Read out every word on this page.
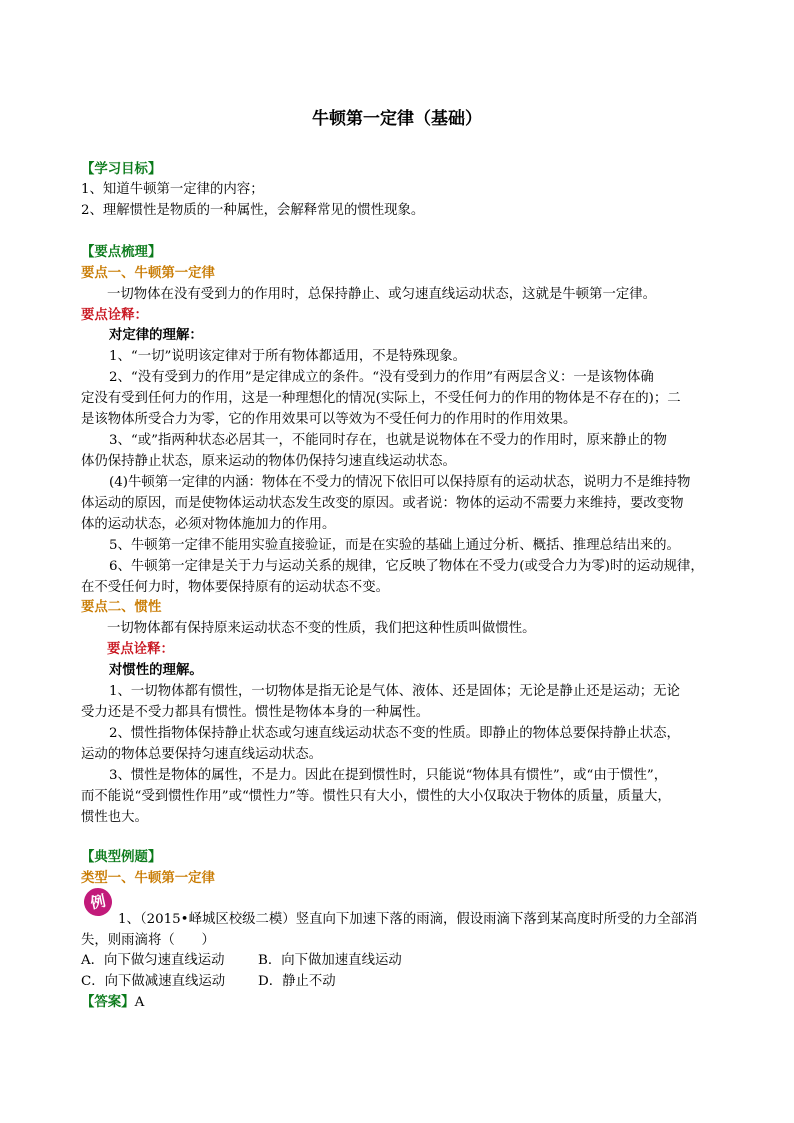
牛顿第一定律（基础）
【学习目标】
1、知道牛顿第一定律的内容；
2、理解惯性是物质的一种属性，会解释常见的惯性现象。
【要点梳理】
要点一、牛顿第一定律
一切物体在没有受到力的作用时，总保持静止、或匀速直线运动状态，这就是牛顿第一定律。
要点诠释：
对定律的理解：
1、“一切”说明该定律对于所有物体都适用，不是特殊现象。
2、“没有受到力的作用”是定律成立的条件。“没有受到力的作用”有两层含义：一是该物体确
定没有受到任何力的作用，这是一种理想化的情况(实际上，不受任何力的作用的物体是不存在的)；二
是该物体所受合力为零，它的作用效果可以等效为不受任何力的作用时的作用效果。
3、“或”指两种状态必居其一，不能同时存在，也就是说物体在不受力的作用时，原来静止的物
体仍保持静止状态，原来运动的物体仍保持匀速直线运动状态。
(4)牛顿第一定律的内涵：物体在不受力的情况下依旧可以保持原有的运动状态，说明力不是维持物
体运动的原因，而是使物体运动状态发生改变的原因。或者说：物体的运动不需要力来维持，要改变物
体的运动状态，必须对物体施加力的作用。
5、牛顿第一定律不能用实验直接验证，而是在实验的基础上通过分析、概括、推理总结出来的。
6、牛顿第一定律是关于力与运动关系的规律，它反映了物体在不受力(或受合力为零)时的运动规律，
在不受任何力时，物体要保持原有的运动状态不变。
要点二、惯性
一切物体都有保持原来运动状态不变的性质，我们把这种性质叫做惯性。
要点诠释：
对惯性的理解。
1、一切物体都有惯性，一切物体是指无论是气体、液体、还是固体；无论是静止还是运动；无论
受力还是不受力都具有惯性。惯性是物体本身的一种属性。
2、惯性指物体保持静止状态或匀速直线运动状态不变的性质。即静止的物体总要保持静止状态，
运动的物体总要保持匀速直线运动状态。
3、惯性是物体的属性，不是力。因此在提到惯性时，只能说“物体具有惯性”，或“由于惯性”，
而不能说“受到惯性作用”或“惯性力”等。惯性只有大小，惯性的大小仅取决于物体的质量，质量大，
惯性也大。
【典型例题】
类型一、牛顿第一定律
例
1、（2015•峄城区校级二模）竖直向下加速下落的雨滴，假设雨滴下落到某高度时所受的力全部消
失，则雨滴将（　　）
A．向下做匀速直线运动 B．向下做加速直线运动
C．向下做减速直线运动 D．静止不动
【答案】A
